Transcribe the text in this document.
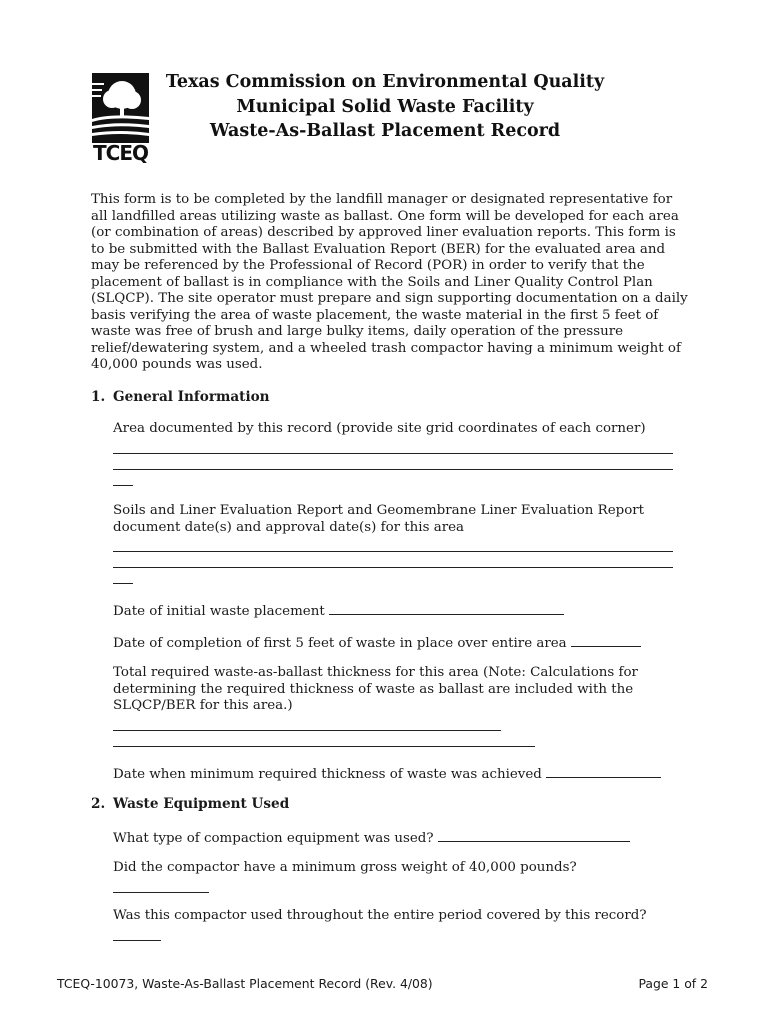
TCEQ
Texas Commission on Environmental Quality
Municipal Solid Waste Facility
Waste-As-Ballast Placement Record
This form is to be completed by the landfill manager or designated representative for all landfilled areas utilizing waste as ballast. One form will be developed for each area (or combination of areas) described by approved liner evaluation reports. This form is to be submitted with the Ballast Evaluation Report (BER) for the evaluated area and may be referenced by the Professional of Record (POR) in order to verify that the placement of ballast is in compliance with the Soils and Liner Quality Control Plan (SLQCP). The site operator must prepare and sign supporting documentation on a daily basis verifying the area of waste placement, the waste material in the first 5 feet of waste was free of brush and large bulky items, daily operation of the pressure relief/dewatering system, and a wheeled trash compactor having a minimum weight of 40,000 pounds was used.
1. General Information
Area documented by this record (provide site grid coordinates of each corner)
Soils and Liner Evaluation Report and Geomembrane Liner Evaluation Report document date(s) and approval date(s) for this area
Date of initial waste placement
Date of completion of first 5 feet of waste in place over entire area
Total required waste-as-ballast thickness for this area (Note: Calculations for determining the required thickness of waste as ballast are included with the SLQCP/BER for this area.)
Date when minimum required thickness of waste was achieved
2. Waste Equipment Used
What type of compaction equipment was used?
Did the compactor have a minimum gross weight of 40,000 pounds?
Was this compactor used throughout the entire period covered by this record?
TCEQ-10073, Waste-As-Ballast Placement Record (Rev. 4/08)	Page 1 of 2
